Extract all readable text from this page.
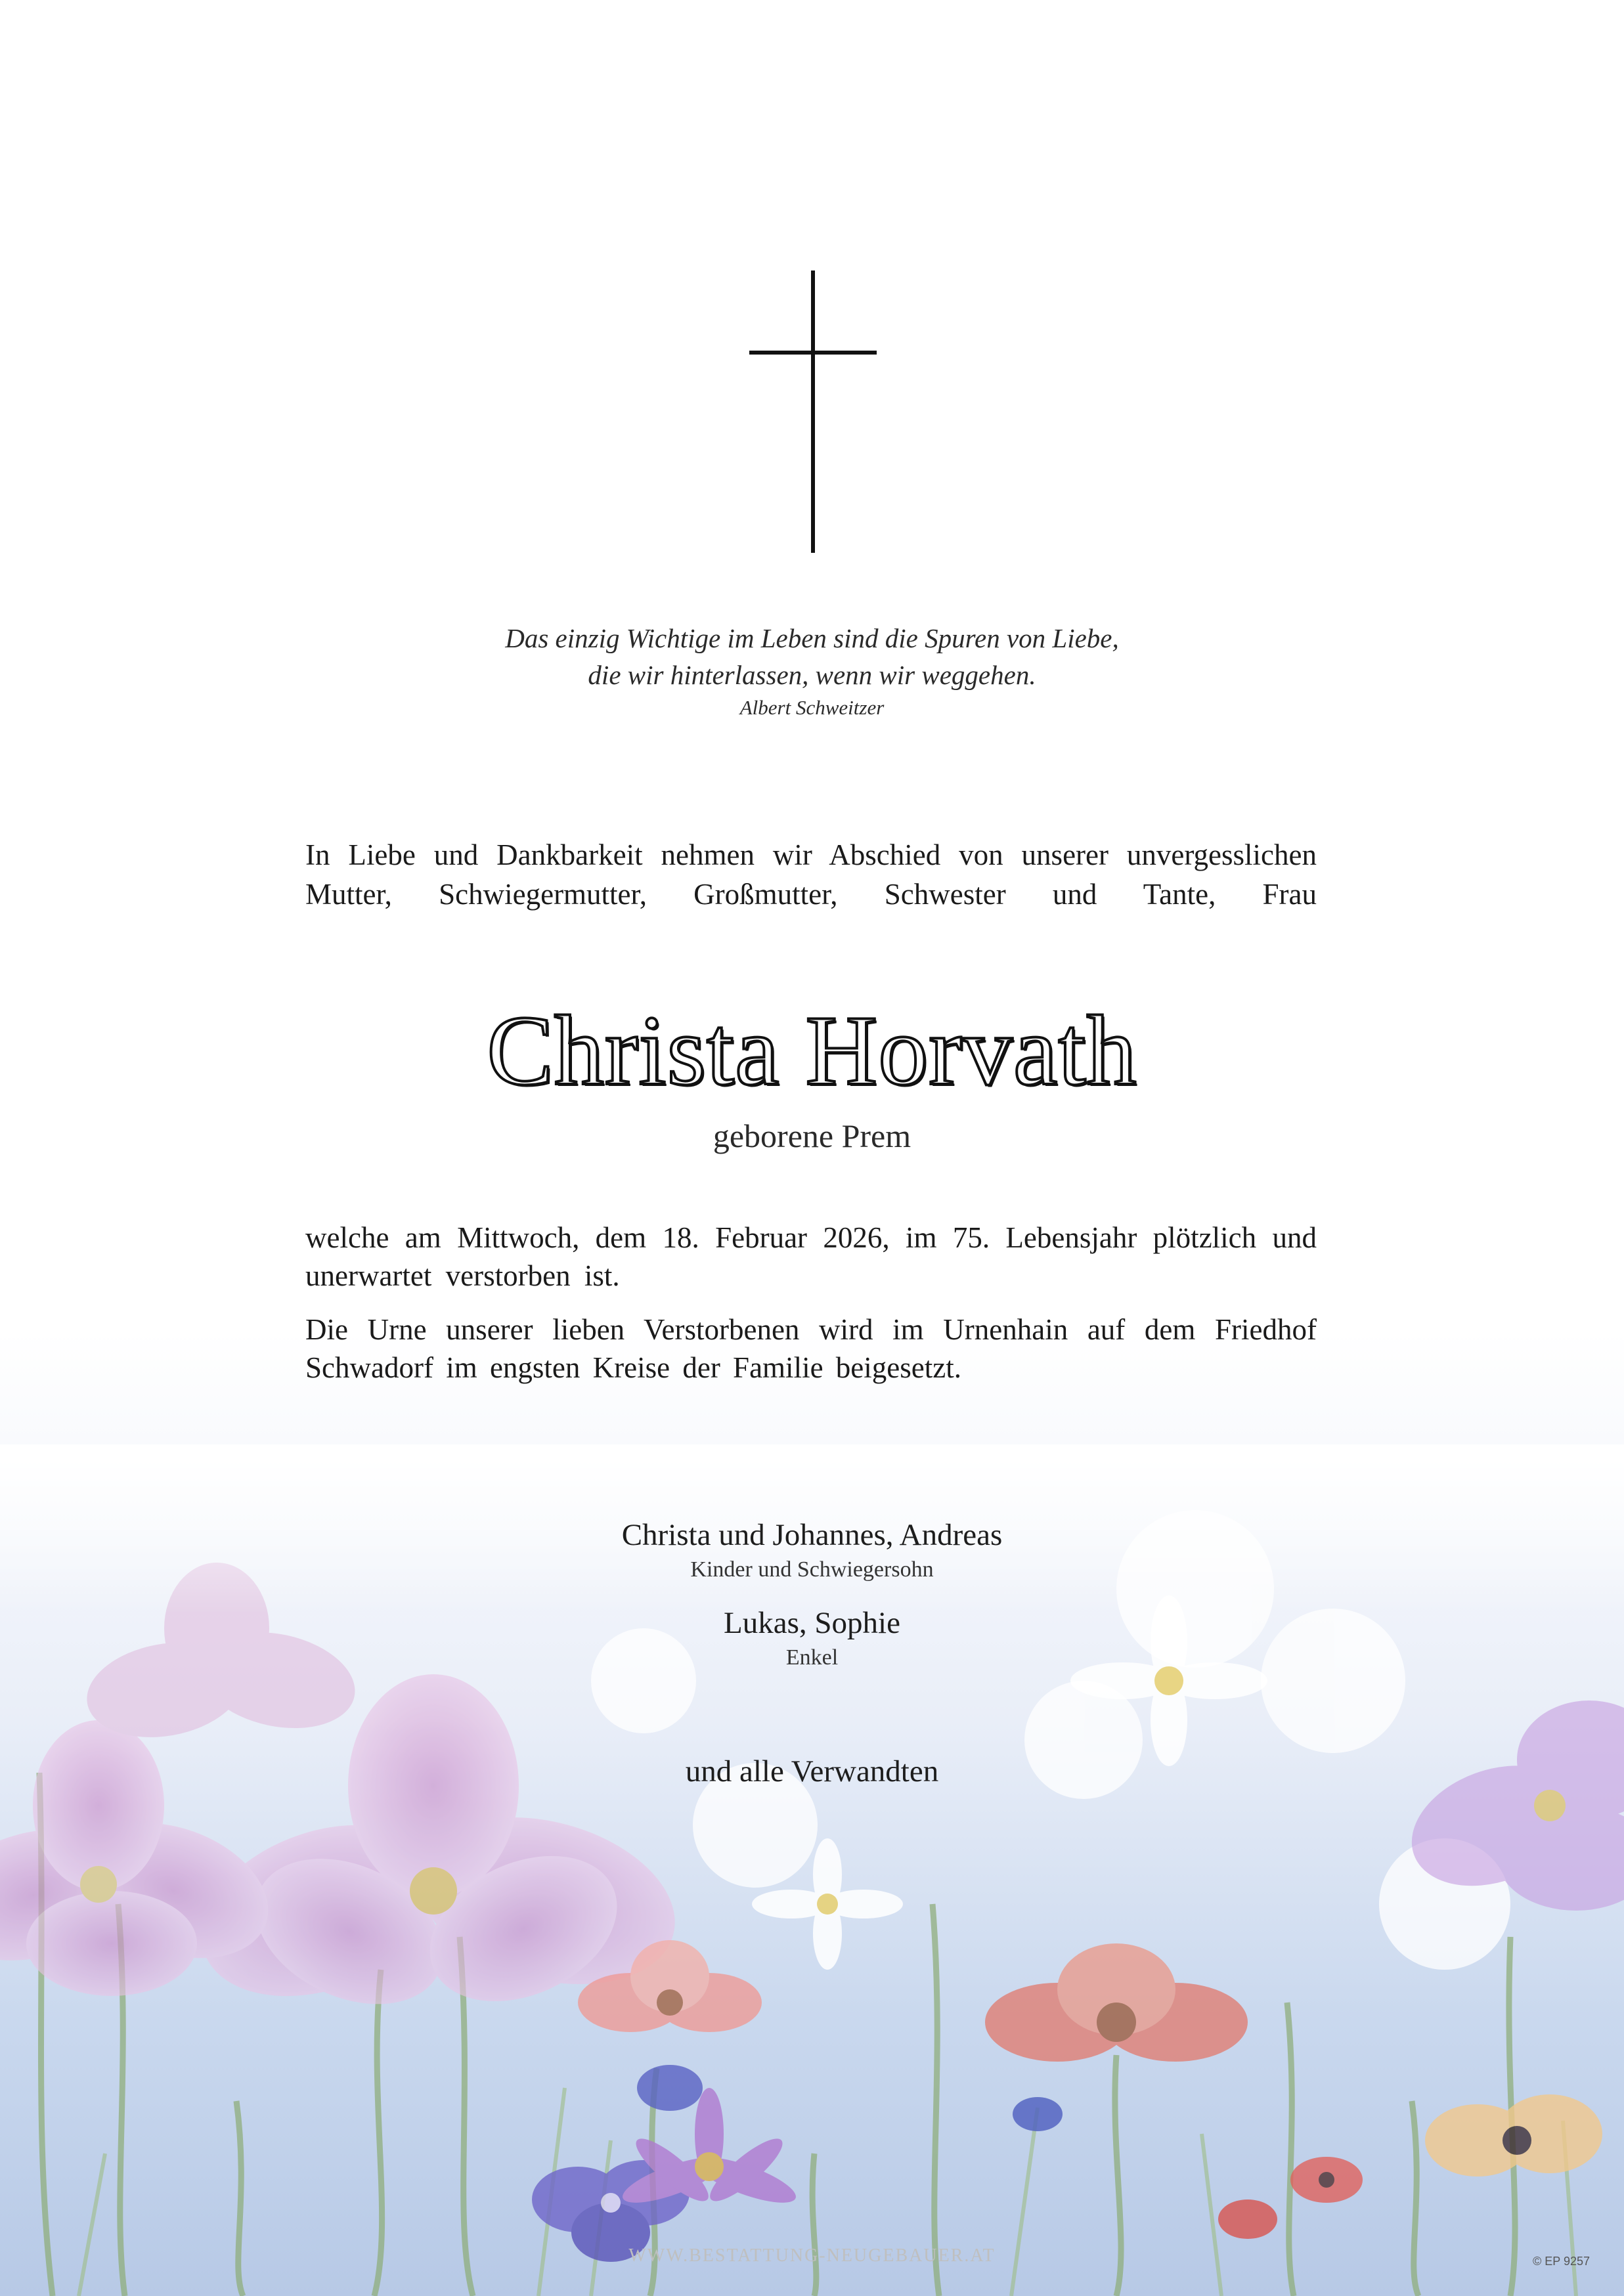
Das einzig Wichtige im Leben sind die Spuren von Liebe,
die wir hinterlassen, wenn wir weggehen.
Albert Schweitzer
In Liebe und Dankbarkeit nehmen wir Abschied von unserer unvergesslichen
Mutter, Schwiegermutter, Großmutter, Schwester und Tante, Frau
Christa Horvath
geborene Prem
welche am Mittwoch, dem 18. Februar 2026, im 75. Lebensjahr plötzlich und
unerwartet verstorben ist.
Die Urne unserer lieben Verstorbenen wird im Urnenhain auf dem Friedhof
Schwadorf im engsten Kreise der Familie beigesetzt.
Christa und Johannes, Andreas
Kinder und Schwiegersohn
Lukas, Sophie
Enkel
und alle Verwandten
WWW.BESTATTUNG-NEUGEBAUER.AT	© EP 9257
